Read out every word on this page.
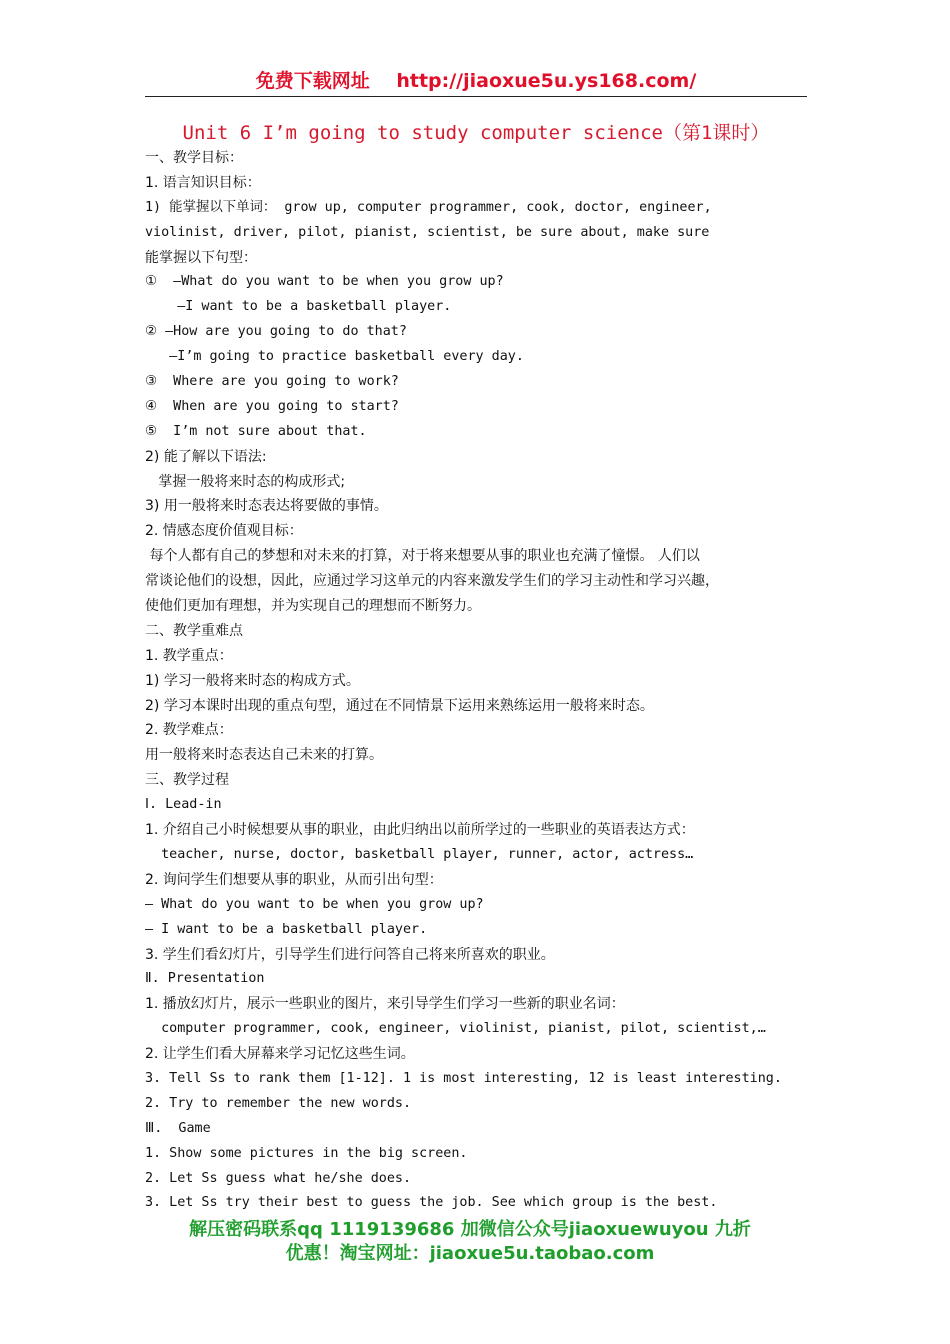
免费下载网址 http://jiaoxue5u.ys168.com/
Unit 6 I’m going to study computer science（第1课时）
一、教学目标：
1. 语言知识目标：
1) 能掌握以下单词： grow up, computer programmer, cook, doctor, engineer,
violinist, driver, pilot, pianist, scientist, be sure about, make sure
能掌握以下句型：
①  —What do you want to be when you grow up?
—I want to be a basketball player.
② —How are you going to do that?
—I’m going to practice basketball every day.
③  Where are you going to work?
④  When are you going to start?
⑤  I’m not sure about that.
2) 能了解以下语法:
掌握一般将来时态的构成形式;
3) 用一般将来时态表达将要做的事情。
2. 情感态度价值观目标：
每个人都有自己的梦想和对未来的打算，对于将来想要从事的职业也充满了憧憬。 人们以
常谈论他们的设想，因此，应通过学习这单元的内容来激发学生们的学习主动性和学习兴趣，
使他们更加有理想，并为实现自己的理想而不断努力。
二、教学重难点
1. 教学重点：
1) 学习一般将来时态的构成方式。
2) 学习本课时出现的重点句型，通过在不同情景下运用来熟练运用一般将来时态。
2. 教学难点：
用一般将来时态表达自己未来的打算。
三、教学过程
Ⅰ. Lead-in
1. 介绍自己小时候想要从事的职业，由此归纳出以前所学过的一些职业的英语表达方式：
teacher, nurse, doctor, basketball player, runner, actor, actress…
2. 询问学生们想要从事的职业，从而引出句型：
— What do you want to be when you grow up?
— I want to be a basketball player.
3. 学生们看幻灯片，引导学生们进行问答自己将来所喜欢的职业。
Ⅱ. Presentation
1. 播放幻灯片，展示一些职业的图片，来引导学生们学习一些新的职业名词：
computer programmer, cook, engineer, violinist, pianist, pilot, scientist,…
2. 让学生们看大屏幕来学习记忆这些生词。
3. Tell Ss to rank them [1-12]. 1 is most interesting, 12 is least interesting.
2. Try to remember the new words.
Ⅲ.  Game
1. Show some pictures in the big screen.
2. Let Ss guess what he/she does.
3. Let Ss try their best to guess the job. See which group is the best.
解压密码联系qq 1119139686 加微信公众号jiaoxuewuyou 九折
优惠！淘宝网址：jiaoxue5u.taobao.com
